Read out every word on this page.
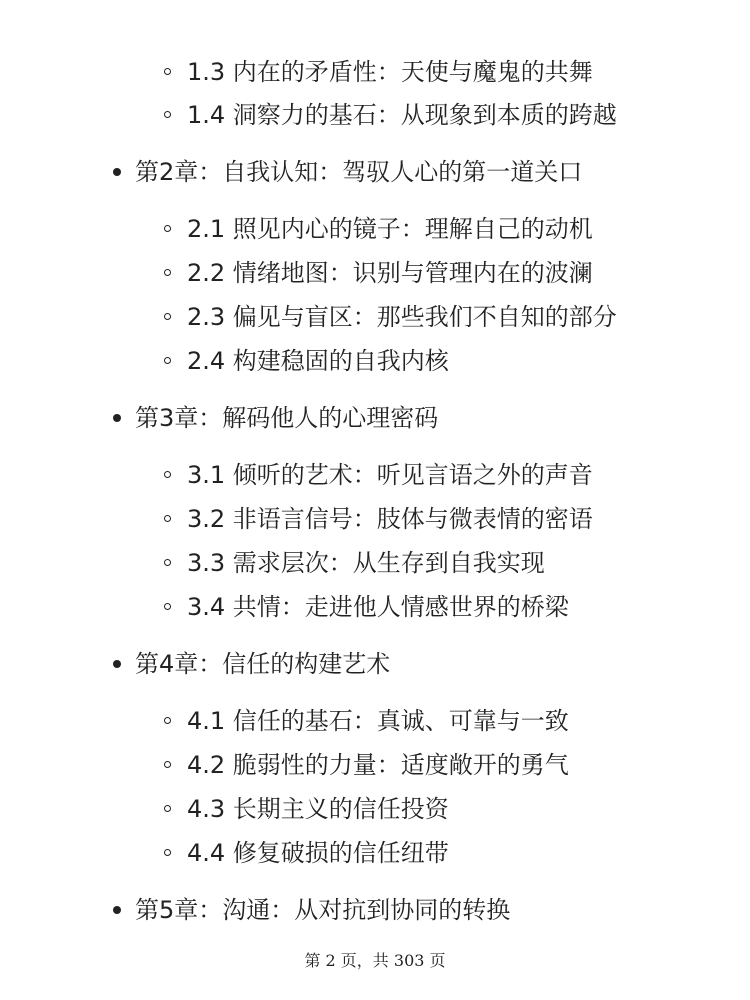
1.3 内在的矛盾性：天使与魔鬼的共舞
1.4 洞察力的基石：从现象到本质的跨越
第2章：自我认知：驾驭人心的第一道关口
2.1 照见内心的镜子：理解自己的动机
2.2 情绪地图：识别与管理内在的波澜
2.3 偏见与盲区：那些我们不自知的部分
2.4 构建稳固的自我内核
第3章：解码他人的心理密码
3.1 倾听的艺术：听见言语之外的声音
3.2 非语言信号：肢体与微表情的密语
3.3 需求层次：从生存到自我实现
3.4 共情：走进他人情感世界的桥梁
第4章：信任的构建艺术
4.1 信任的基石：真诚、可靠与一致
4.2 脆弱性的力量：适度敞开的勇气
4.3 长期主义的信任投资
4.4 修复破损的信任纽带
第5章：沟通：从对抗到协同的转换
第 2 页，共 303 页
